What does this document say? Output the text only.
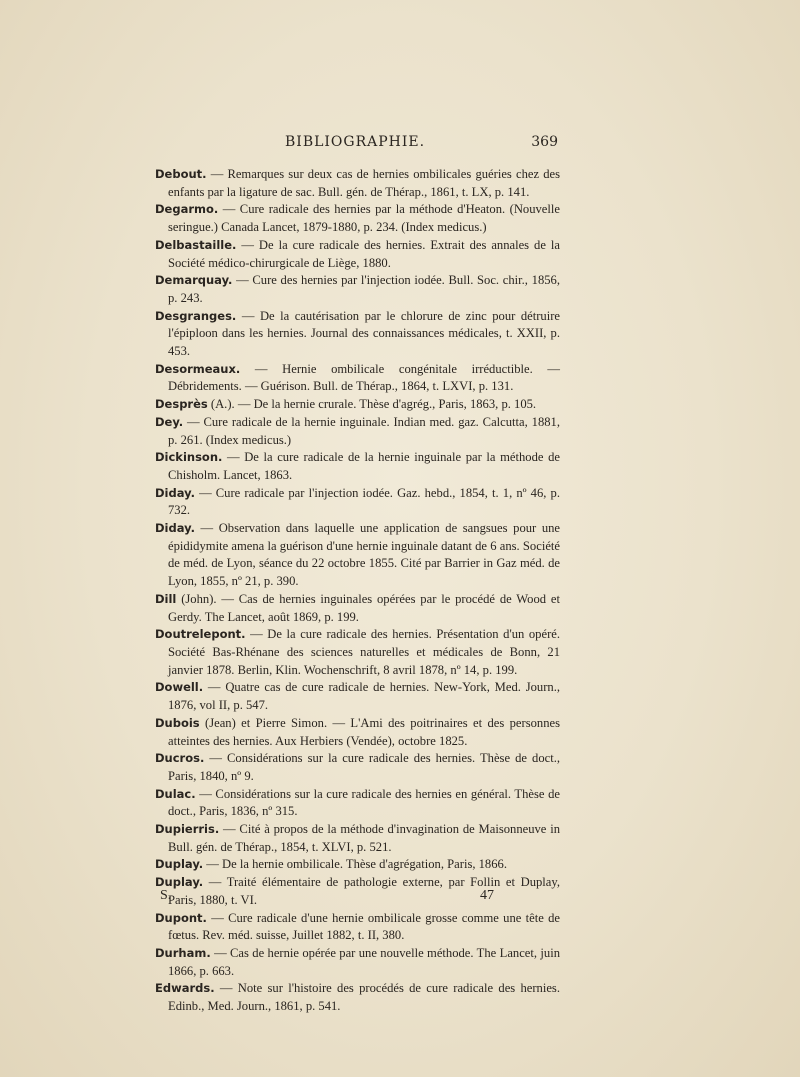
BIBLIOGRAPHIE.	369
Debout. — Remarques sur deux cas de hernies ombilicales guéries chez des enfants par la ligature de sac. Bull. gén. de Thérap., 1861, t. LX, p. 141.
Degarmo. — Cure radicale des hernies par la méthode d'Heaton. (Nouvelle seringue.) Canada Lancet, 1879-1880, p. 234. (Index medicus.)
Delbastaille. — De la cure radicale des hernies. Extrait des annales de la Société médico-chirurgicale de Liège, 1880.
Demarquay. — Cure des hernies par l'injection iodée. Bull. Soc. chir., 1856, p. 243.
Desgranges. — De la cautérisation par le chlorure de zinc pour détruire l'épiploon dans les hernies. Journal des connaissances médicales, t. XXII, p. 453.
Desormeaux. — Hernie ombilicale congénitale irréductible. — Débridements. — Guérison. Bull. de Thérap., 1864, t. LXVI, p. 131.
Desprès (A.). — De la hernie crurale. Thèse d'agrég., Paris, 1863, p. 105.
Dey. — Cure radicale de la hernie inguinale. Indian med. gaz. Calcutta, 1881, p. 261. (Index medicus.)
Dickinson. — De la cure radicale de la hernie inguinale par la méthode de Chisholm. Lancet, 1863.
Diday. — Cure radicale par l'injection iodée. Gaz. hebd., 1854, t. 1, nº 46, p. 732.
Diday. — Observation dans laquelle une application de sangsues pour une épididymite amena la guérison d'une hernie inguinale datant de 6 ans. Société de méd. de Lyon, séance du 22 octobre 1855. Cité par Barrier in Gaz méd. de Lyon, 1855, nº 21, p. 390.
Dill (John). — Cas de hernies inguinales opérées par le procédé de Wood et Gerdy. The Lancet, août 1869, p. 199.
Doutrelepont. — De la cure radicale des hernies. Présentation d'un opéré. Société Bas-Rhénane des sciences naturelles et médicales de Bonn, 21 janvier 1878. Berlin, Klin. Wochenschrift, 8 avril 1878, nº 14, p. 199.
Dowell. — Quatre cas de cure radicale de hernies. New-York, Med. Journ., 1876, vol II, p. 547.
Dubois (Jean) et Pierre Simon. — L'Ami des poitrinaires et des personnes atteintes des hernies. Aux Herbiers (Vendée), octobre 1825.
Ducros. — Considérations sur la cure radicale des hernies. Thèse de doct., Paris, 1840, nº 9.
Dulac. — Considérations sur la cure radicale des hernies en général. Thèse de doct., Paris, 1836, nº 315.
Dupierris. — Cité à propos de la méthode d'invagination de Maisonneuve in Bull. gén. de Thérap., 1854, t. XLVI, p. 521.
Duplay. — De la hernie ombilicale. Thèse d'agrégation, Paris, 1866.
Duplay. — Traité élémentaire de pathologie externe, par Follin et Duplay, Paris, 1880, t. VI.
Dupont. — Cure radicale d'une hernie ombilicale grosse comme une tête de fœtus. Rev. méd. suisse, Juillet 1882, t. II, 380.
Durham. — Cas de hernie opérée par une nouvelle méthode. The Lancet, juin 1866, p. 663.
Edwards. — Note sur l'histoire des procédés de cure radicale des hernies. Edinb., Med. Journ., 1861, p. 541.
S.	47
